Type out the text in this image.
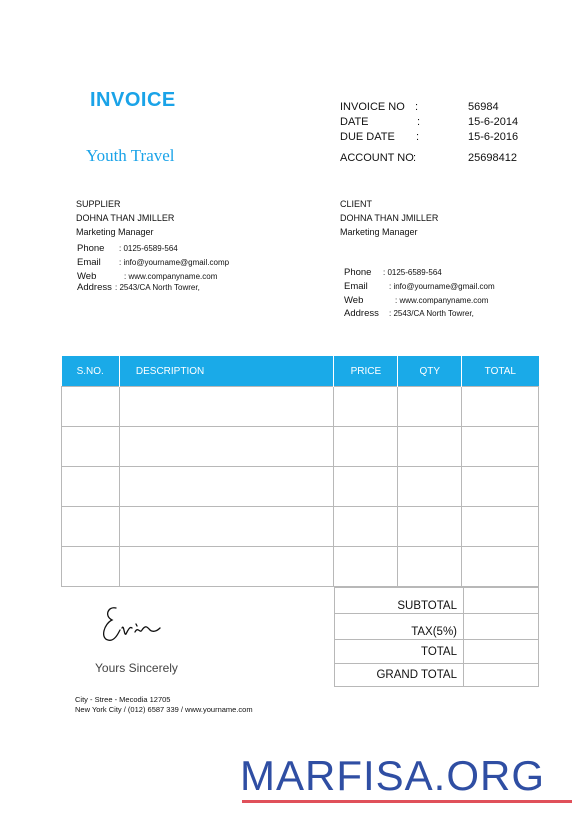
INVOICE
Youth Travel
INVOICE NO :	56984
DATE	:	15-6-2014
DUE DATE :	15-6-2016
ACCOUNT NO :	25698412
SUPPLIER
DOHNA THAN JMILLER
Marketing Manager
Phone : 0125-6589-564
Email : info@yourname@gmail.comp
Web	: www.companyname.com
Address : 2543/CA North Towrer,
CLIENT
DOHNA THAN JMILLER
Marketing Manager
Phone : 0125-6589-564
Email	: info@yourname@gmail.com
Web	: www.companyname.com
Address : 2543/CA North Towrer,
S.NO.	DESCRIPTION	PRICE	QTY	TOTAL

SUBTOTAL	
TAX(5%)	
TOTAL	
GRAND TOTAL	
Yours Sincerely
City - Stree - Mecodia 12705
New York City / (012) 6587 339 / www.yourname.com
MARFISA.ORG
